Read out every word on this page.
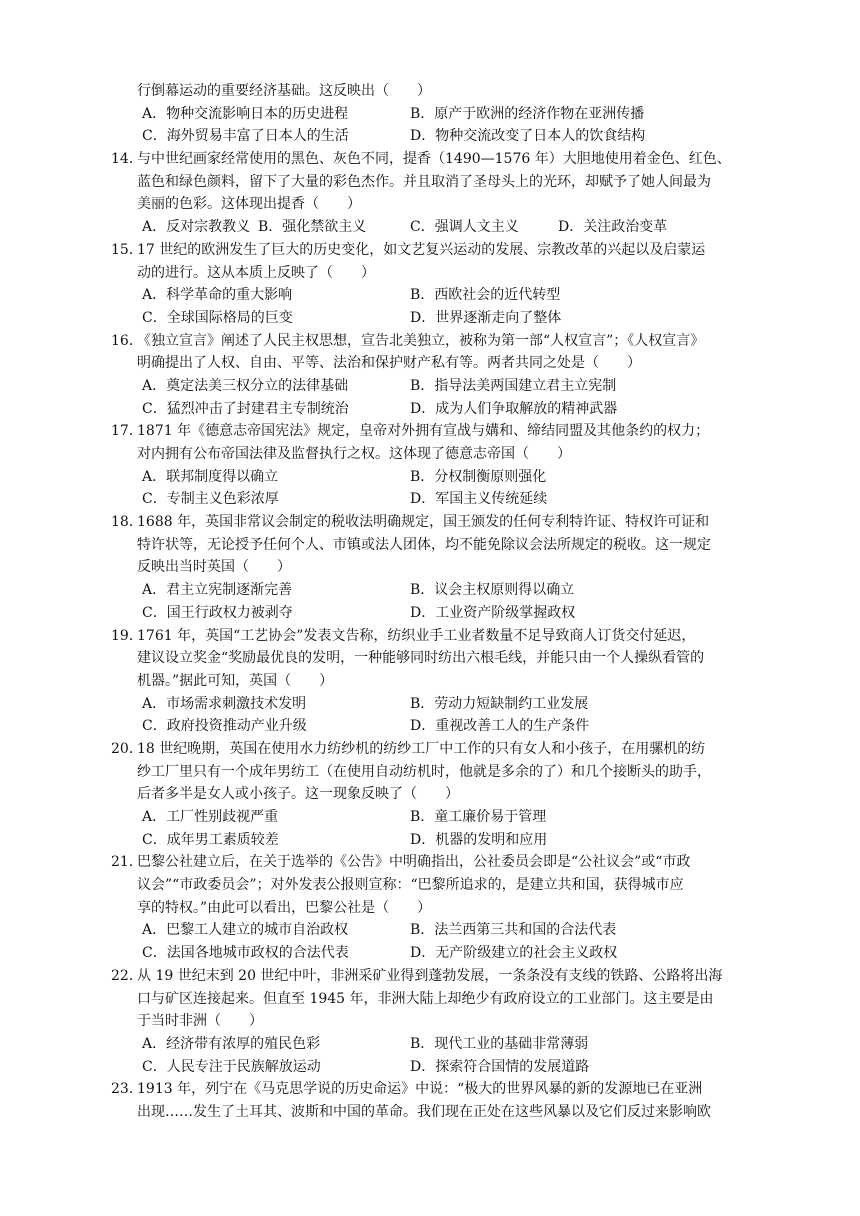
行倒幕运动的重要经济基础。这反映出（　　）
A．物种交流影响日本的历史进程	B．原产于欧洲的经济作物在亚洲传播
C．海外贸易丰富了日本人的生活	D．物种交流改变了日本人的饮食结构
14．
与中世纪画家经常使用的黑色、灰色不同，提香（1490—1576 年）大胆地使用着金色、红色、
蓝色和绿色颜料，留下了大量的彩色杰作。并且取消了圣母头上的光环，却赋予了她人间最为
美丽的色彩。这体现出提香（　　）
A．反对宗教教义 B．强化禁欲主义	C．强调人文主义	D．关注政治变革
15．
17 世纪的欧洲发生了巨大的历史变化，如文艺复兴运动的发展、宗教改革的兴起以及启蒙运
动的进行。这从本质上反映了（　　）
A．科学革命的重大影响	B．西欧社会的近代转型
C．全球国际格局的巨变	D．世界逐渐走向了整体
16．
《独立宣言》阐述了人民主权思想，宣告北美独立，被称为第一部“人权宣言”；《人权宣言》
明确提出了人权、自由、平等、法治和保护财产私有等。两者共同之处是（　　）
A．奠定法美三权分立的法律基础	B．指导法美两国建立君主立宪制
C．猛烈冲击了封建君主专制统治	D．成为人们争取解放的精神武器
17．
1871 年《德意志帝国宪法》规定，皇帝对外拥有宣战与媾和、缔结同盟及其他条约的权力；
对内拥有公布帝国法律及监督执行之权。这体现了德意志帝国（　　）
A．联邦制度得以确立	B．分权制衡原则强化
C．专制主义色彩浓厚	D．军国主义传统延续
18．
1688 年，英国非常议会制定的税收法明确规定，国王颁发的任何专利特许证、特权许可证和
特许状等，无论授予任何个人、市镇或法人团体，均不能免除议会法所规定的税收。这一规定
反映出当时英国（　　）
A．君主立宪制逐渐完善	B．议会主权原则得以确立
C．国王行政权力被剥夺	D．工业资产阶级掌握政权
19．
1761 年，英国“工艺协会”发表文告称，纺织业手工业者数量不足导致商人订货交付延迟，
建议设立奖金“奖励最优良的发明，一种能够同时纺出六根毛线，并能只由一个人操纵看管的
机器。”据此可知，英国（　　）
A．市场需求刺激技术发明	B．劳动力短缺制约工业发展
C．政府投资推动产业升级	D．重视改善工人的生产条件
20．
18 世纪晚期，英国在使用水力纺纱机的纺纱工厂中工作的只有女人和小孩子，在用骡机的纺
纱工厂里只有一个成年男纺工（在使用自动纺机时，他就是多余的了）和几个接断头的助手，
后者多半是女人或小孩子。这一现象反映了（　　）
A．工厂性别歧视严重	B．童工廉价易于管理
C．成年男工素质较差	D．机器的发明和应用
21．
巴黎公社建立后，在关于选举的《公告》中明确指出，公社委员会即是“公社议会”或“市政
议会”“市政委员会”；对外发表公报则宣称：“巴黎所追求的，是建立共和国，获得城市应
享的特权。”由此可以看出，巴黎公社是（　　）
A．巴黎工人建立的城市自治政权	B．法兰西第三共和国的合法代表
C．法国各地城市政权的合法代表	D．无产阶级建立的社会主义政权
22．
从 19 世纪末到 20 世纪中叶，非洲采矿业得到蓬勃发展，一条条没有支线的铁路、公路将出海
口与矿区连接起来。但直至 1945 年，非洲大陆上却绝少有政府设立的工业部门。这主要是由
于当时非洲（　　）
A．经济带有浓厚的殖民色彩	B．现代工业的基础非常薄弱
C．人民专注于民族解放运动	D．探索符合国情的发展道路
23．
1913 年，列宁在《马克思学说的历史命运》中说：“极大的世界风暴的新的发源地已在亚洲
出现……发生了土耳其、波斯和中国的革命。我们现在正处在这些风暴以及它们反过来影响欧
